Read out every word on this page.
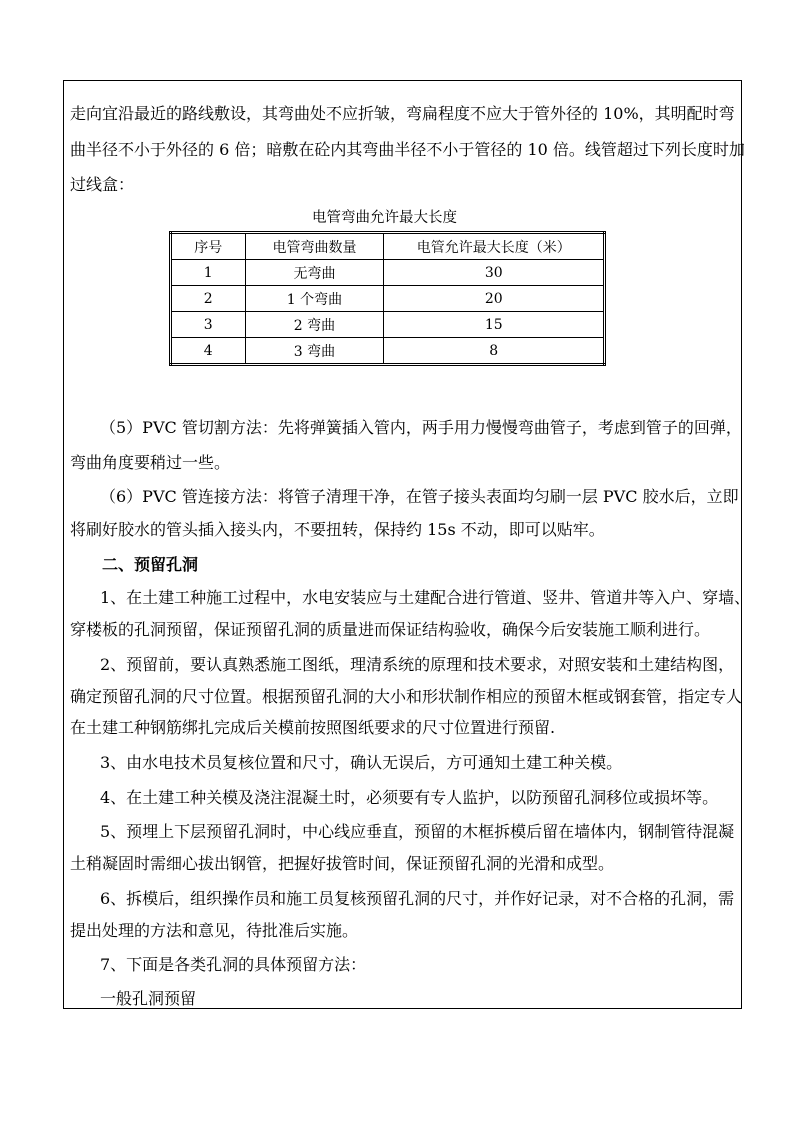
走向宜沿最近的路线敷设，其弯曲处不应折皱，弯扁程度不应大于管外径的 10%，其明配时弯
曲半径不小于外径的 6 倍；暗敷在砼内其弯曲半径不小于管径的 10 倍。线管超过下列长度时加
过线盒：
电管弯曲允许最大长度
序号	电管弯曲数量	电管允许最大长度（米）
1	无弯曲	30
2	1 个弯曲	20
3	2 弯曲	15
4	3 弯曲	8
（5）PVC 管切割方法：先将弹簧插入管内，两手用力慢慢弯曲管子，考虑到管子的回弹，
弯曲角度要稍过一些。
（6）PVC 管连接方法：将管子清理干净，在管子接头表面均匀刷一层 PVC 胶水后，立即
将刷好胶水的管头插入接头内，不要扭转，保持约 15s 不动，即可以贴牢。
二、预留孔洞
1、在土建工种施工过程中，水电安装应与土建配合进行管道、竖井、管道井等入户、穿墙、
穿楼板的孔洞预留，保证预留孔洞的质量进而保证结构验收，确保今后安装施工顺利进行。
2、预留前，要认真熟悉施工图纸，理清系统的原理和技术要求，对照安装和土建结构图，
确定预留孔洞的尺寸位置。根据预留孔洞的大小和形状制作相应的预留木框或钢套管，指定专人
在土建工种钢筋绑扎完成后关模前按照图纸要求的尺寸位置进行预留.
3、由水电技术员复核位置和尺寸，确认无误后，方可通知土建工种关模。
4、在土建工种关模及浇注混凝土时，必须要有专人监护，以防预留孔洞移位或损坏等。
5、预埋上下层预留孔洞时，中心线应垂直，预留的木框拆模后留在墙体内，钢制管待混凝
土稍凝固时需细心拔出钢管，把握好拔管时间，保证预留孔洞的光滑和成型。
6、拆模后，组织操作员和施工员复核预留孔洞的尺寸，并作好记录，对不合格的孔洞，需
提出处理的方法和意见，待批准后实施。
7、下面是各类孔洞的具体预留方法：
一般孔洞预留
